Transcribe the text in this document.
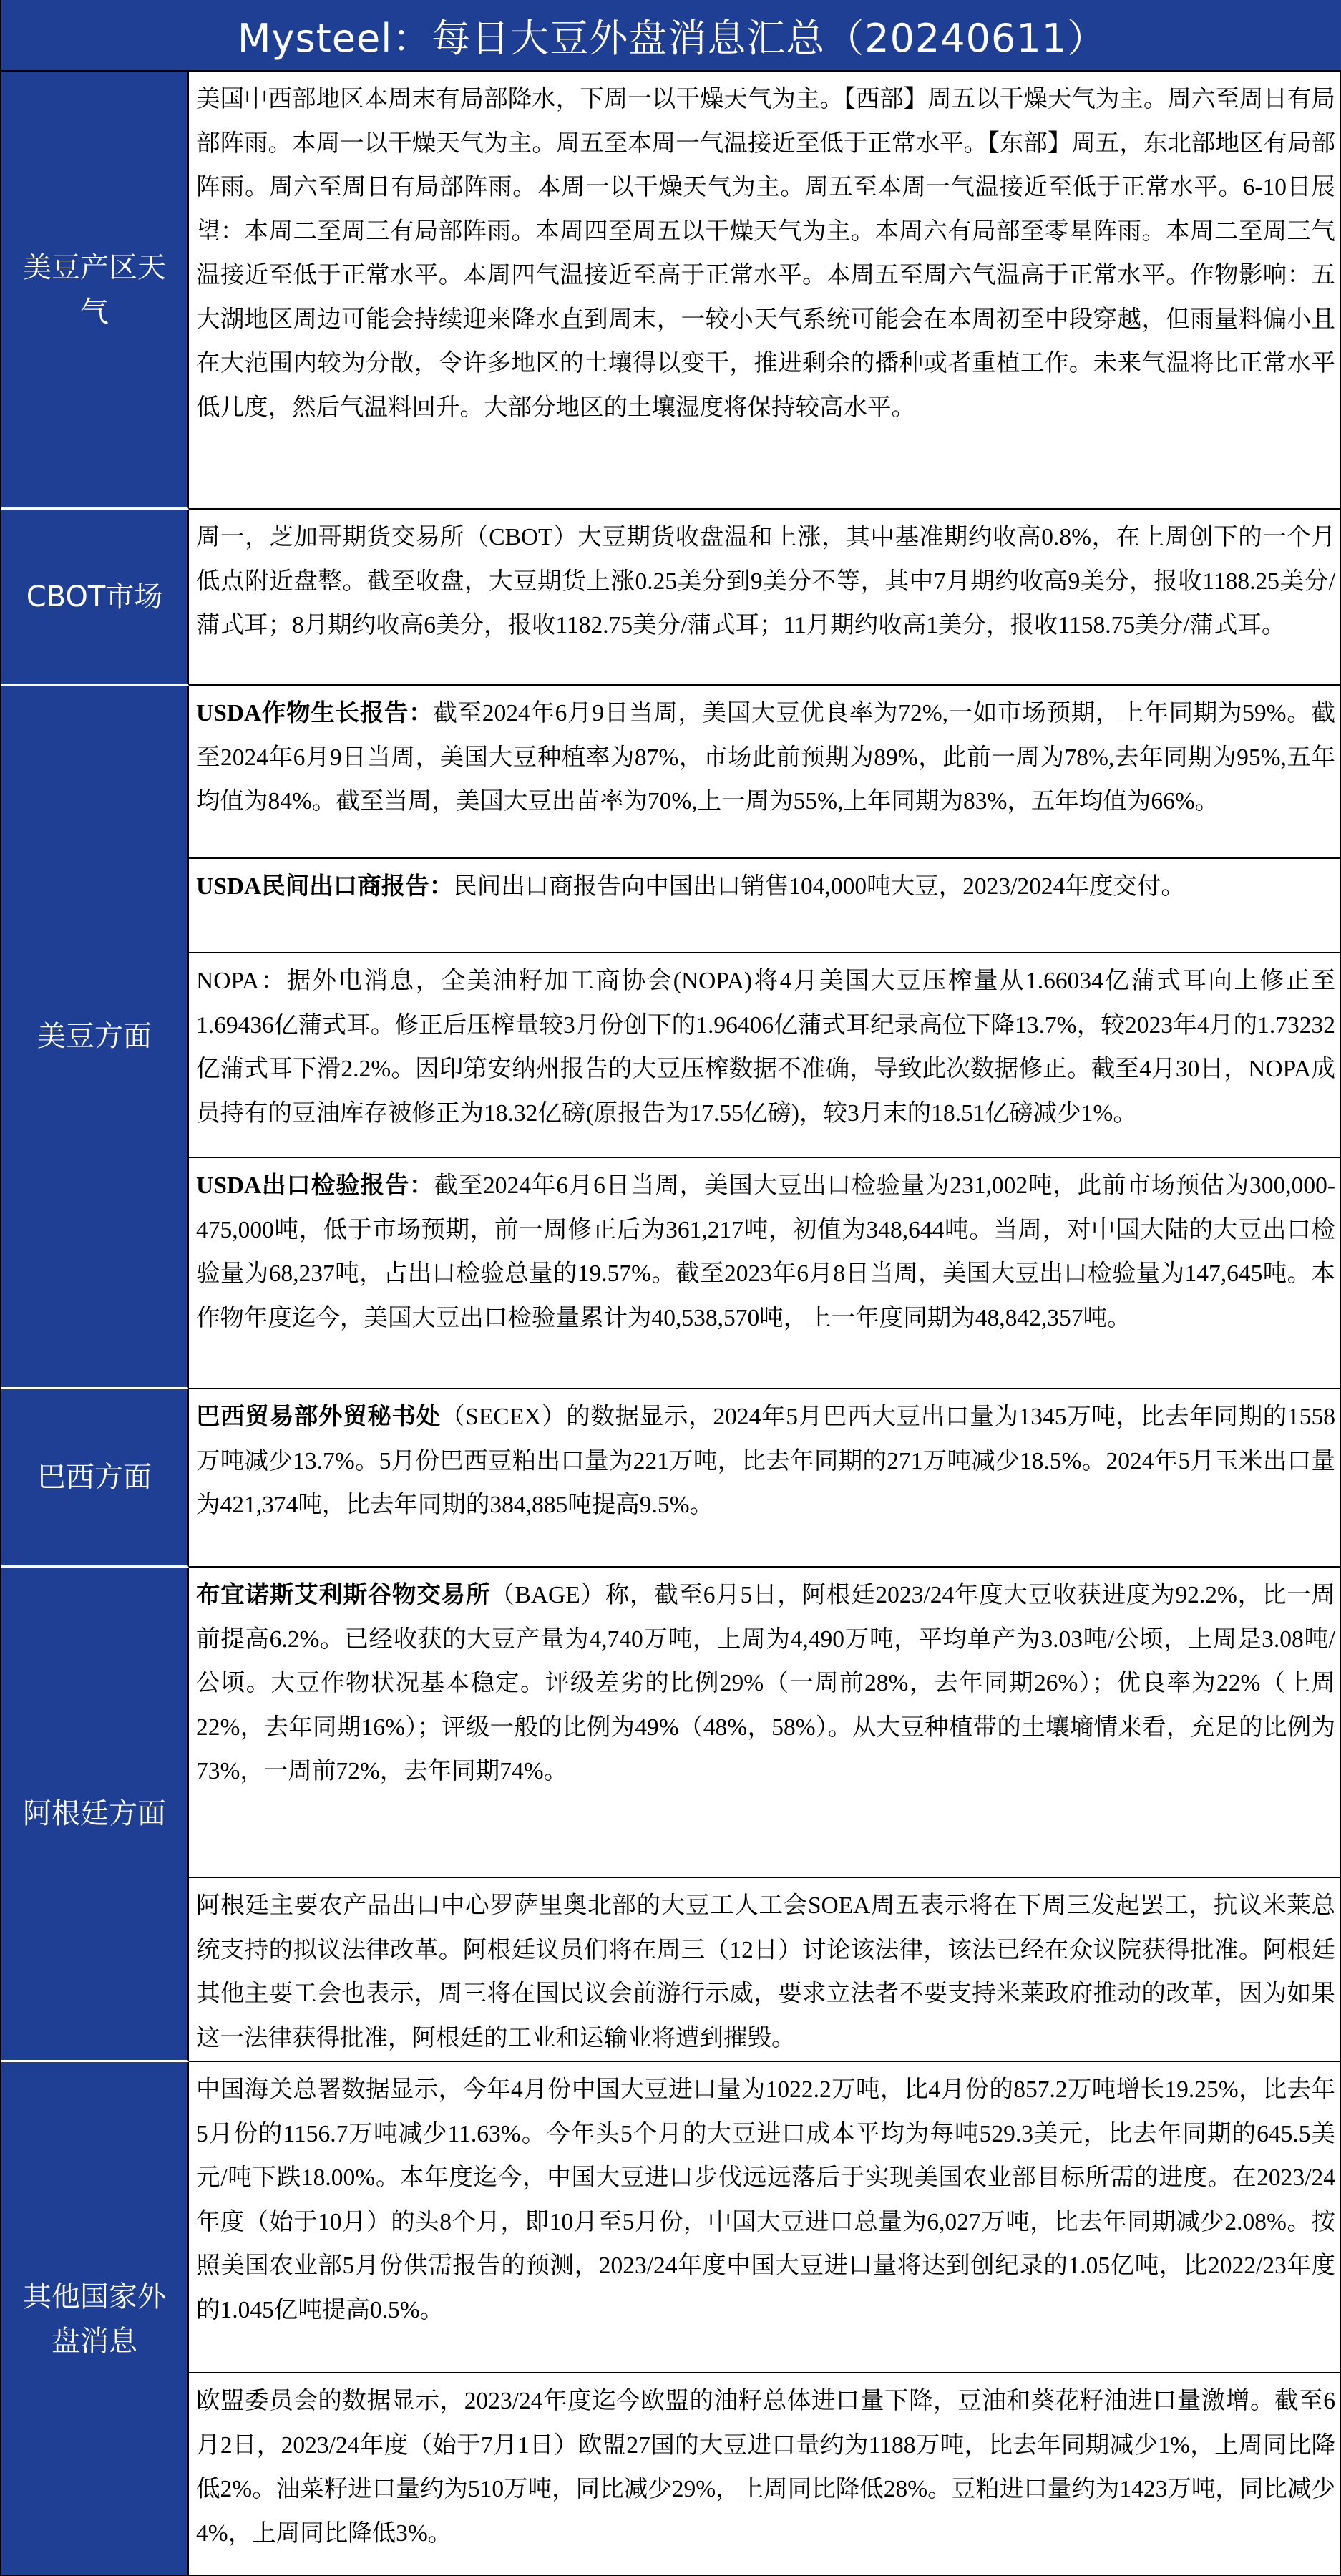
Mysteel：每日大豆外盘消息汇总（20240611）
美豆产区天气
美国中西部地区本周末有局部降水，下周一以干燥天气为主。【西部】周五以干燥天气为主。周六至周日有局部阵雨。本周一以干燥天气为主。周五至本周一气温接近至低于正常水平。【东部】周五，东北部地区有局部阵雨。周六至周日有局部阵雨。本周一以干燥天气为主。周五至本周一气温接近至低于正常水平。6-10日展望：本周二至周三有局部阵雨。本周四至周五以干燥天气为主。本周六有局部至零星阵雨。本周二至周三气温接近至低于正常水平。本周四气温接近至高于正常水平。本周五至周六气温高于正常水平。作物影响：五大湖地区周边可能会持续迎来降水直到周末，一较小天气系统可能会在本周初至中段穿越，但雨量料偏小且在大范围内较为分散，令许多地区的土壤得以变干，推进剩余的播种或者重植工作。未来气温将比正常水平低几度，然后气温料回升。大部分地区的土壤湿度将保持较高水平。
CBOT市场
周一，芝加哥期货交易所（CBOT）大豆期货收盘温和上涨，其中基准期约收高0.8%，在上周创下的一个月低点附近盘整。截至收盘，大豆期货上涨0.25美分到9美分不等，其中7月期约收高9美分，报收1188.25美分/蒲式耳；8月期约收高6美分，报收1182.75美分/蒲式耳；11月期约收高1美分，报收1158.75美分/蒲式耳。
美豆方面
USDA作物生长报告：截至2024年6月9日当周，美国大豆优良率为72%,一如市场预期，上年同期为59%。截至2024年6月9日当周，美国大豆种植率为87%，市场此前预期为89%，此前一周为78%,去年同期为95%,五年均值为84%。截至当周，美国大豆出苗率为70%,上一周为55%,上年同期为83%，五年均值为66%。
USDA民间出口商报告：民间出口商报告向中国出口销售104,000吨大豆，2023/2024年度交付。
NOPA：据外电消息，全美油籽加工商协会(NOPA)将4月美国大豆压榨量从1.66034亿蒲式耳向上修正至1.69436亿蒲式耳。修正后压榨量较3月份创下的1.96406亿蒲式耳纪录高位下降13.7%，较2023年4月的1.73232亿蒲式耳下滑2.2%。因印第安纳州报告的大豆压榨数据不准确，导致此次数据修正。截至4月30日，NOPA成员持有的豆油库存被修正为18.32亿磅(原报告为17.55亿磅)，较3月末的18.51亿磅减少1%。
USDA出口检验报告：截至2024年6月6日当周，美国大豆出口检验量为231,002吨，此前市场预估为300,000-475,000吨，低于市场预期，前一周修正后为361,217吨，初值为348,644吨。当周，对中国大陆的大豆出口检验量为68,237吨，占出口检验总量的19.57%。截至2023年6月8日当周，美国大豆出口检验量为147,645吨。本作物年度迄今，美国大豆出口检验量累计为40,538,570吨，上一年度同期为48,842,357吨。
巴西方面
巴西贸易部外贸秘书处（SECEX）的数据显示，2024年5月巴西大豆出口量为1345万吨，比去年同期的1558万吨减少13.7%。5月份巴西豆粕出口量为221万吨，比去年同期的271万吨减少18.5%。2024年5月玉米出口量为421,374吨，比去年同期的384,885吨提高9.5%。
阿根廷方面
布宜诺斯艾利斯谷物交易所（BAGE）称，截至6月5日，阿根廷2023/24年度大豆收获进度为92.2%，比一周前提高6.2%。已经收获的大豆产量为4,740万吨，上周为4,490万吨，平均单产为3.03吨/公顷，上周是3.08吨/公顷。大豆作物状况基本稳定。评级差劣的比例29%（一周前28%，去年同期26%）；优良率为22%（上周22%，去年同期16%）；评级一般的比例为49%（48%，58%）。从大豆种植带的土壤墒情来看，充足的比例为73%，一周前72%，去年同期74%。
阿根廷主要农产品出口中心罗萨里奥北部的大豆工人工会SOEA周五表示将在下周三发起罢工，抗议米莱总统支持的拟议法律改革。阿根廷议员们将在周三（12日）讨论该法律，该法已经在众议院获得批准。阿根廷其他主要工会也表示，周三将在国民议会前游行示威，要求立法者不要支持米莱政府推动的改革，因为如果这一法律获得批准，阿根廷的工业和运输业将遭到摧毁。
其他国家外盘消息
中国海关总署数据显示，今年4月份中国大豆进口量为1022.2万吨，比4月份的857.2万吨增长19.25%，比去年5月份的1156.7万吨减少11.63%。今年头5个月的大豆进口成本平均为每吨529.3美元，比去年同期的645.5美元/吨下跌18.00%。本年度迄今，中国大豆进口步伐远远落后于实现美国农业部目标所需的进度。在2023/24年度（始于10月）的头8个月，即10月至5月份，中国大豆进口总量为6,027万吨，比去年同期减少2.08%。按照美国农业部5月份供需报告的预测，2023/24年度中国大豆进口量将达到创纪录的1.05亿吨，比2022/23年度的1.045亿吨提高0.5%。
欧盟委员会的数据显示，2023/24年度迄今欧盟的油籽总体进口量下降，豆油和葵花籽油进口量激增。截至6月2日，2023/24年度（始于7月1日）欧盟27国的大豆进口量约为1188万吨，比去年同期减少1%，上周同比降低2%。油菜籽进口量约为510万吨，同比减少29%，上周同比降低28%。豆粕进口量约为1423万吨，同比减少4%，上周同比降低3%。
